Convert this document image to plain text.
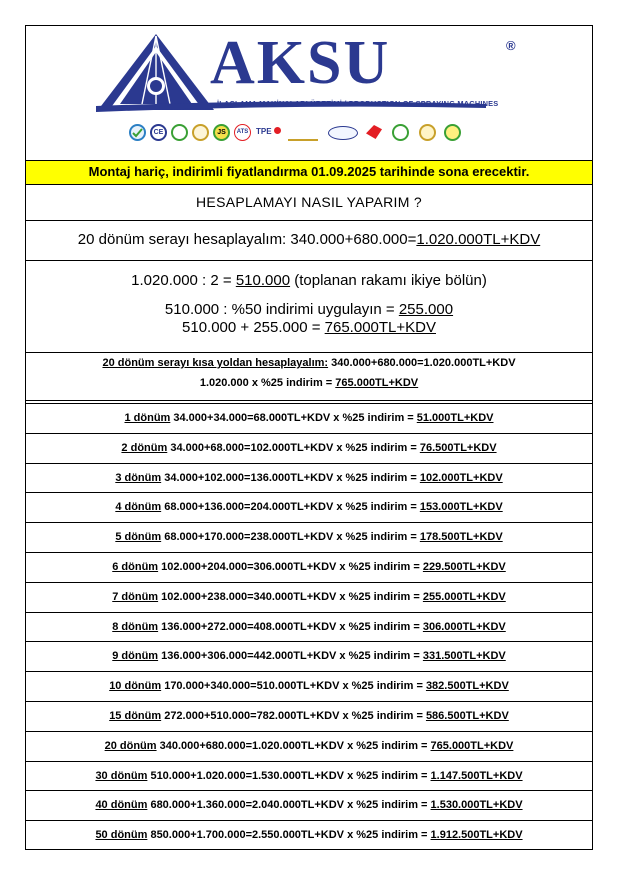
AKSU	®
İLAÇLAMA MAKİNALARI ÜRETİMİ / PRODUCTION OF SPRAYING MACHINES
CE	JS	ATS TPE
Montaj hariç, indirimli fiyatlandırma 01.09.2025 tarihinde sona erecektir.
HESAPLAMAYI NASIL YAPARIM ?
20 dönüm serayı hesaplayalım: 340.000+680.000=1.020.000TL+KDV
1.020.000 : 2 = 510.000 (toplanan rakamı ikiye bölün)
510.000 : %50 indirimi uygulayın = 255.000
510.000 + 255.000 = 765.000TL+KDV
20 dönüm serayı kısa yoldan hesaplayalım: 340.000+680.000=1.020.000TL+KDV
1.020.000 x %25 indirim = 765.000TL+KDV
1 dönüm 34.000+34.000=68.000TL+KDV x %25 indirim = 51.000TL+KDV
2 dönüm 34.000+68.000=102.000TL+KDV x %25 indirim = 76.500TL+KDV
3 dönüm 34.000+102.000=136.000TL+KDV x %25 indirim = 102.000TL+KDV
4 dönüm 68.000+136.000=204.000TL+KDV x %25 indirim = 153.000TL+KDV
5 dönüm 68.000+170.000=238.000TL+KDV x %25 indirim = 178.500TL+KDV
6 dönüm 102.000+204.000=306.000TL+KDV x %25 indirim = 229.500TL+KDV
7 dönüm 102.000+238.000=340.000TL+KDV x %25 indirim = 255.000TL+KDV
8 dönüm 136.000+272.000=408.000TL+KDV x %25 indirim = 306.000TL+KDV
9 dönüm 136.000+306.000=442.000TL+KDV x %25 indirim = 331.500TL+KDV
10 dönüm 170.000+340.000=510.000TL+KDV x %25 indirim = 382.500TL+KDV
15 dönüm 272.000+510.000=782.000TL+KDV x %25 indirim = 586.500TL+KDV
20 dönüm 340.000+680.000=1.020.000TL+KDV x %25 indirim = 765.000TL+KDV
30 dönüm 510.000+1.020.000=1.530.000TL+KDV x %25 indirim = 1.147.500TL+KDV
40 dönüm 680.000+1.360.000=2.040.000TL+KDV x %25 indirim = 1.530.000TL+KDV
50 dönüm 850.000+1.700.000=2.550.000TL+KDV x %25 indirim = 1.912.500TL+KDV
